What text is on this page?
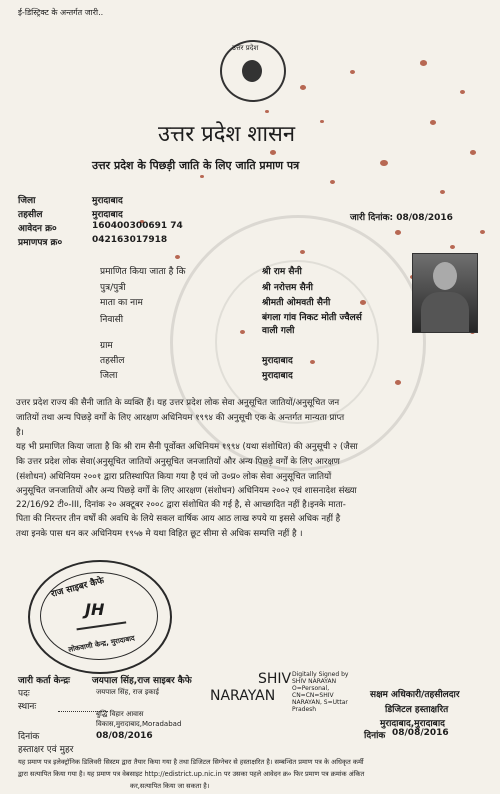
ई-डिस्ट्रिक्ट के अन्तर्गत जारी..
उत्तर प्रदेश
उत्तर प्रदेश शासन
उत्तर प्रदेश के पिछड़ी जाति के लिए जाति प्रमाण पत्र
जिला	मुरादाबाद
तहसील	मुरादाबाद
आवेदन क्र०	160400300691 74
प्रमाणपत्र क्र०	042163017918
जारी दिनांक: 08/08/2016
प्रमाणित किया जाता है कि	श्री राम सैनी
पुत्र/पुत्री	श्री नरोत्तम सैनी
माता का नाम	श्रीमती ओमवती सैनी
निवासी	बंगला गांव निकट मोती ज्वैलर्स
वाली गली
ग्राम
तहसील	मुरादाबाद
जिला	मुरादाबाद
उत्तर प्रदेश राज्य की सैनी जाति के व्यक्ति हैं। यह उत्तर प्रदेश लोक सेवा अनुसूचित जातियों/अनुसूचित जन
जातियों तथा अन्य पिछड़े वर्गों के लिए आरक्षण अधिनियम १९९४ की अनुसूची एक के अन्तर्गत मान्यता प्राप्त
है।
यह भी प्रमाणित किया जाता है कि श्री राम सैनी पूर्वोक्त अधिनियम १९९४ (यथा संशोधित) की अनुसूची २ (जैसा
कि उत्तर प्रदेश लोक सेवा(अनुसूचित जातियों अनुसूचित जनजातियों और अन्य पिछड़े वर्गों के लिए आरक्षण
(संशोधन) अधिनियम २००१ द्वारा प्रतिस्थापित किया गया है एवं जो उ०प्र० लोक सेवा अनुसूचित जातियों
अनुसूचित जनजातियों और अन्य पिछड़े वर्गों के लिए आरक्षण (संशोधन) अधिनियम २००२ एवं शासनादेश संख्या
22/16/92 टी०-III, दिनांक २० अक्टूबर २००८ द्वारा संशोधित की गई है, से आच्छादित नहीं है।इनके माता-
पिता की निरन्तर तीन वर्षों की अवधि के लिये सकल वार्षिक आय आठ लाख रुपये या इससे अधिक नहीं है
तथा इनके पास धन कर अधिनियम १९५७ मे यथा विहित छूट सीमा से अधिक सम्पत्ति नहीं है ।
राज साइबर कैफे
लोकवाणी केन्द्र, मुरादाबाद
JH
जारी कर्ता केन्द्रः जयपाल सिंह,राज साइबर कैफे
पदः	जयपाल सिंह, राज इकाई
स्थानः
बुद्धि विहार आवास
विकास,मुरादाबाद,Moradabad
दिनांक	08/08/2016
हस्ताक्षर एवं मुहर
SHIV
NARAYAN
Digitally Signed by
SHIV NARAYAN
O=Personal,
CN=CN=SHIV
NARAYAN, S=Uttar
Pradesh
सक्षम अधिकारी/तहसीलदार
डिजिटल हस्ताक्षरित
मुरादाबाद,मुरादाबाद
दिनांक 08/08/2016
यह प्रमाण पत्र इलेक्ट्रॉनिक डिलिवरी सिस्टम द्वारा तैयार किया गया है तथा डिजिटल सिग्नेचर से हस्ताक्षरित है। सम्बन्धित प्रमाण पत्र के अधिकृत कर्मी
द्वारा सत्यापित किया गया है। यह प्रमाण पत्र वेबसाइट http://edistrict.up.nic.in पर उसका पहले आवेदन क्र० फिर प्रमाण पत्र क्रमांक अंकित
कर,सत्यापित किया जा सकता है।
